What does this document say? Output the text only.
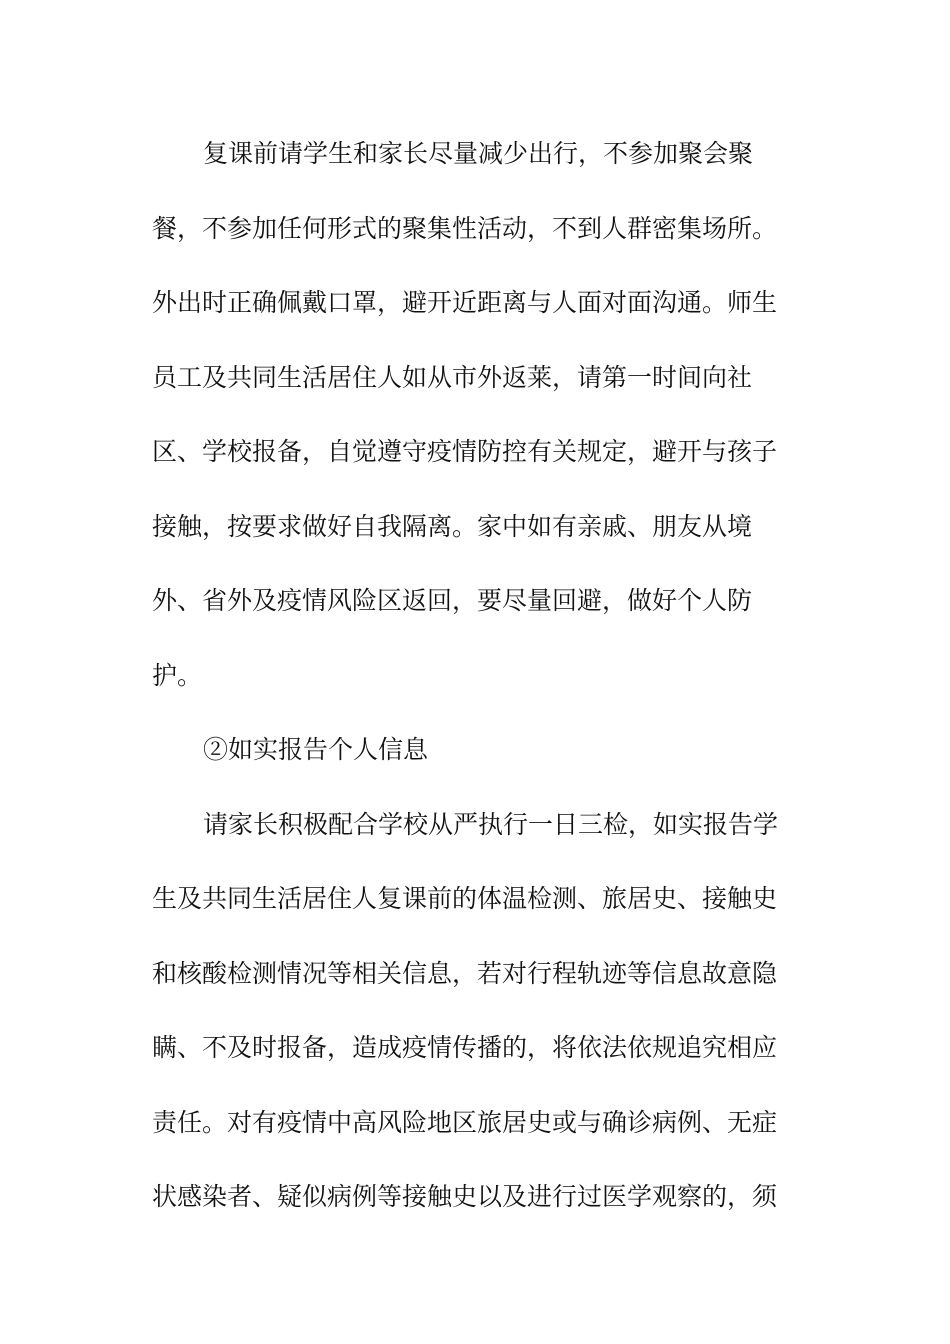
复课前请学生和家长尽量减少出行，不参加聚会聚
餐，不参加任何形式的聚集性活动，不到人群密集场所。
外出时正确佩戴口罩，避开近距离与人面对面沟通。师生
员工及共同生活居住人如从市外返莱，请第一时间向社
区、学校报备，自觉遵守疫情防控有关规定，避开与孩子
接触，按要求做好自我隔离。家中如有亲戚、朋友从境
外、省外及疫情风险区返回，要尽量回避，做好个人防
护。
②如实报告个人信息
请家长积极配合学校从严执行一日三检，如实报告学
生及共同生活居住人复课前的体温检测、旅居史、接触史
和核酸检测情况等相关信息，若对行程轨迹等信息故意隐
瞒、不及时报备，造成疫情传播的，将依法依规追究相应
责任。对有疫情中高风险地区旅居史或与确诊病例、无症
状感染者、疑似病例等接触史以及进行过医学观察的，须
